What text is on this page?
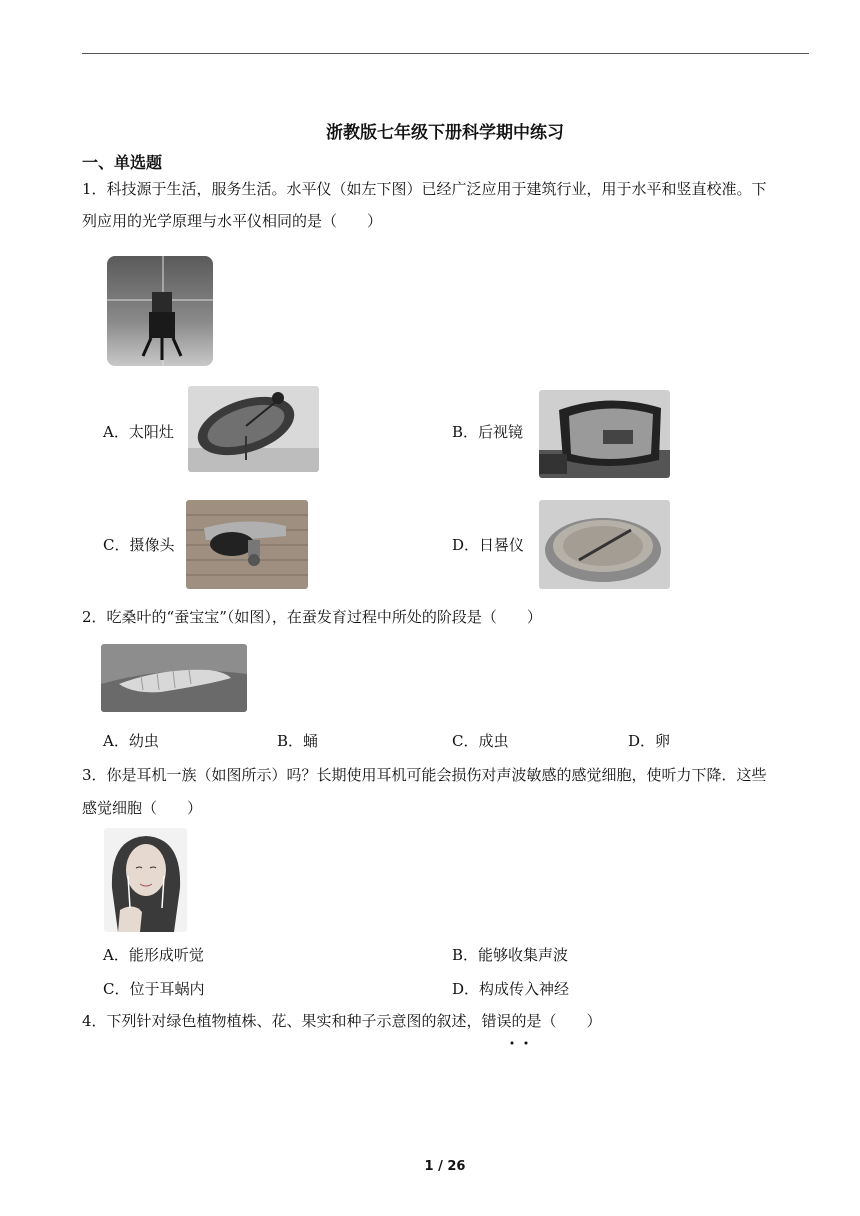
浙教版七年级下册科学期中练习
一、单选题
1．科技源于生活，服务生活。水平仪（如左下图）已经广泛应用于建筑行业，用于水平和竖直校准。下
列应用的光学原理与水平仪相同的是（　　）
A．太阳灶	B．后视镜
C．摄像头	D．日晷仪
2．吃桑叶的“蚕宝宝”（如图），在蚕发育过程中所处的阶段是（　　）
A．幼虫	B．蛹	C．成虫	D．卵
3．你是耳机一族（如图所示）吗？长期使用耳机可能会损伤对声波敏感的感觉细胞，使听力下降．这些
感觉细胞（　　）
A．能形成听觉	B．能够收集声波
C．位于耳蜗内	D．构成传入神经
4．下列针对绿色植物植株、花、果实和种子示意图的叙述，错误的是（　　）
1 / 26
